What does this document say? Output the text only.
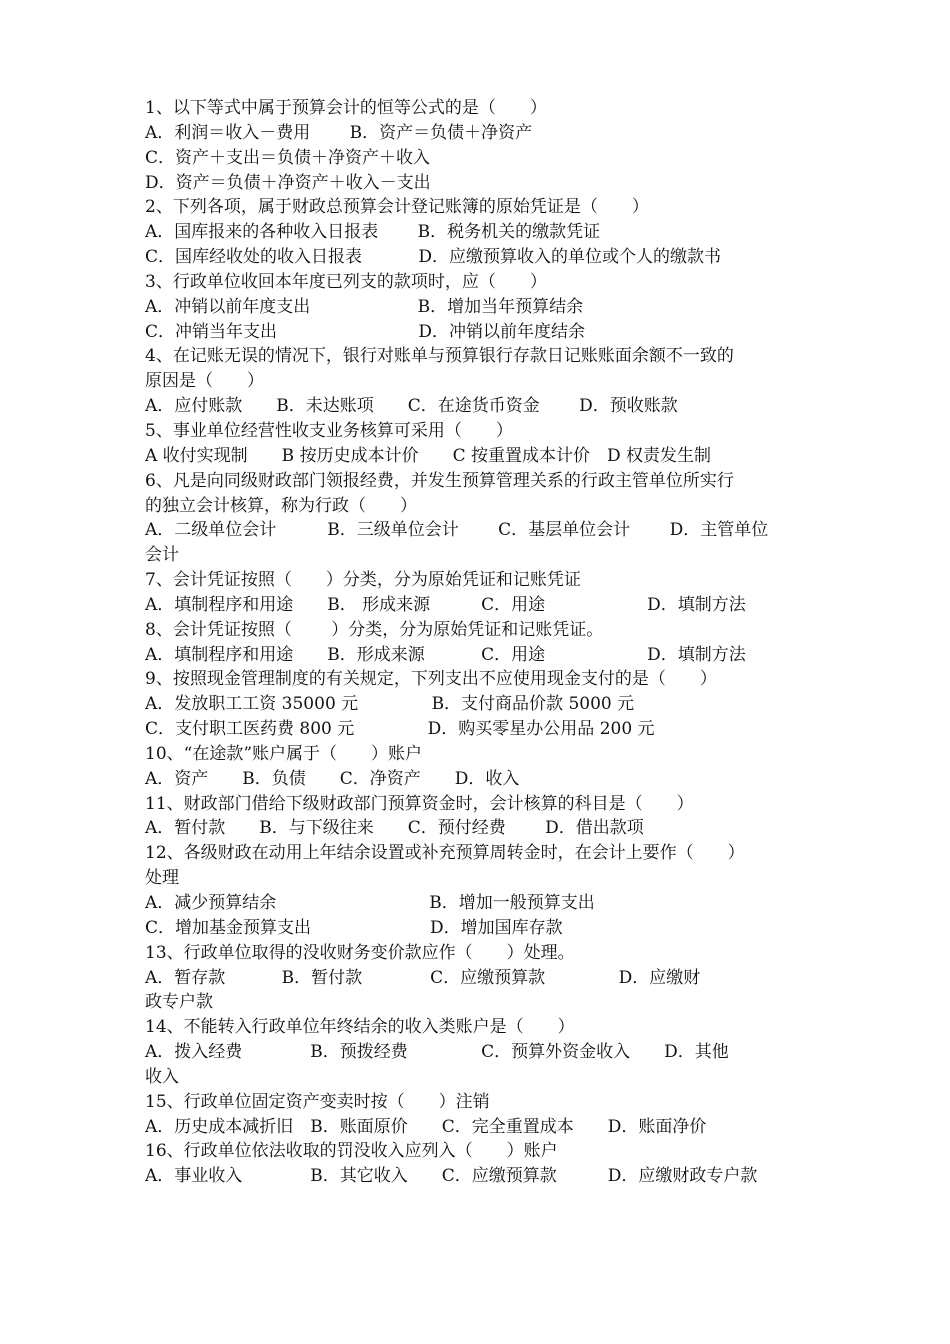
1、以下等式中属于预算会计的恒等公式的是（　　）
A．利润＝收入－费用　　 B．资产＝负债＋净资产
C．资产＋支出＝负债＋净资产＋收入
D．资产＝负债＋净资产＋收入－支出
2、下列各项，属于财政总预算会计登记账簿的原始凭证是（　　）
A．国库报来的各种收入日报表　　 B．税务机关的缴款凭证
C．国库经收处的收入日报表　　　 D．应缴预算收入的单位或个人的缴款书
3、行政单位收回本年度已列支的款项时，应（　　）
A．冲销以前年度支出　　　　　　 B．增加当年预算结余
C．冲销当年支出　　　　　　　　 D．冲销以前年度结余
4、在记账无误的情况下，银行对账单与预算银行存款日记账账面余额不一致的
原因是（　　）
A．应付账款　　B．未达账项　　C．在途货币资金　　 D．预收账款
5、事业单位经营性收支业务核算可采用（　　）
A 收付实现制　　B 按历史成本计价　　C 按重置成本计价　D 权责发生制
6、凡是向同级财政部门领报经费，并发生预算管理关系的行政主管单位所实行
的独立会计核算，称为行政（　　）
A．二级单位会计　　　B．三级单位会计　　 C．基层单位会计　　 D．主管单位
会计
7、会计凭证按照（　　）分类，分为原始凭证和记账凭证
A．填制程序和用途　　B． 形成来源　　　C．用途　　　　　　D．填制方法
8、会计凭证按照（　　 ）分类，分为原始凭证和记账凭证。
A．填制程序和用途　　B．形成来源　　　 C．用途　　　　　　D．填制方法
9、按照现金管理制度的有关规定，下列支出不应使用现金支付的是（　　）
A．发放职工工资 35000 元　　　　 B．支付商品价款 5000 元
C．支付职工医药费 800 元　　　　 D．购买零星办公用品 200 元
10、“在途款”账户属于（　　）账户
A．资产　　B．负债　　C．净资产　　D．收入
11、财政部门借给下级财政部门预算资金时，会计核算的科目是（　　）
A．暂付款　　B．与下级往来　　C．预付经费　　 D．借出款项
12、各级财政在动用上年结余设置或补充预算周转金时，在会计上要作（　　）
处理
A．减少预算结余　　　　　　　　　B．增加一般预算支出
C．增加基金预算支出　　　　　　　D．增加国库存款
13、行政单位取得的没收财务变价款应作（　　）处理。
A．暂存款　　　 B．暂付款　　　　C．应缴预算款　　　　 D．应缴财
政专户款
14、不能转入行政单位年终结余的收入类账户是（　　）
A．拨入经费　　　　B．预拨经费　　　　 C．预算外资金收入　　D．其他
收入
15、行政单位固定资产变卖时按（　　）注销
A．历史成本减折旧　B．账面原价　　C．完全重置成本　　D．账面净价
16、行政单位依法收取的罚没收入应列入（　　）账户
A．事业收入　　　　B．其它收入　　C．应缴预算款　　　D．应缴财政专户款
